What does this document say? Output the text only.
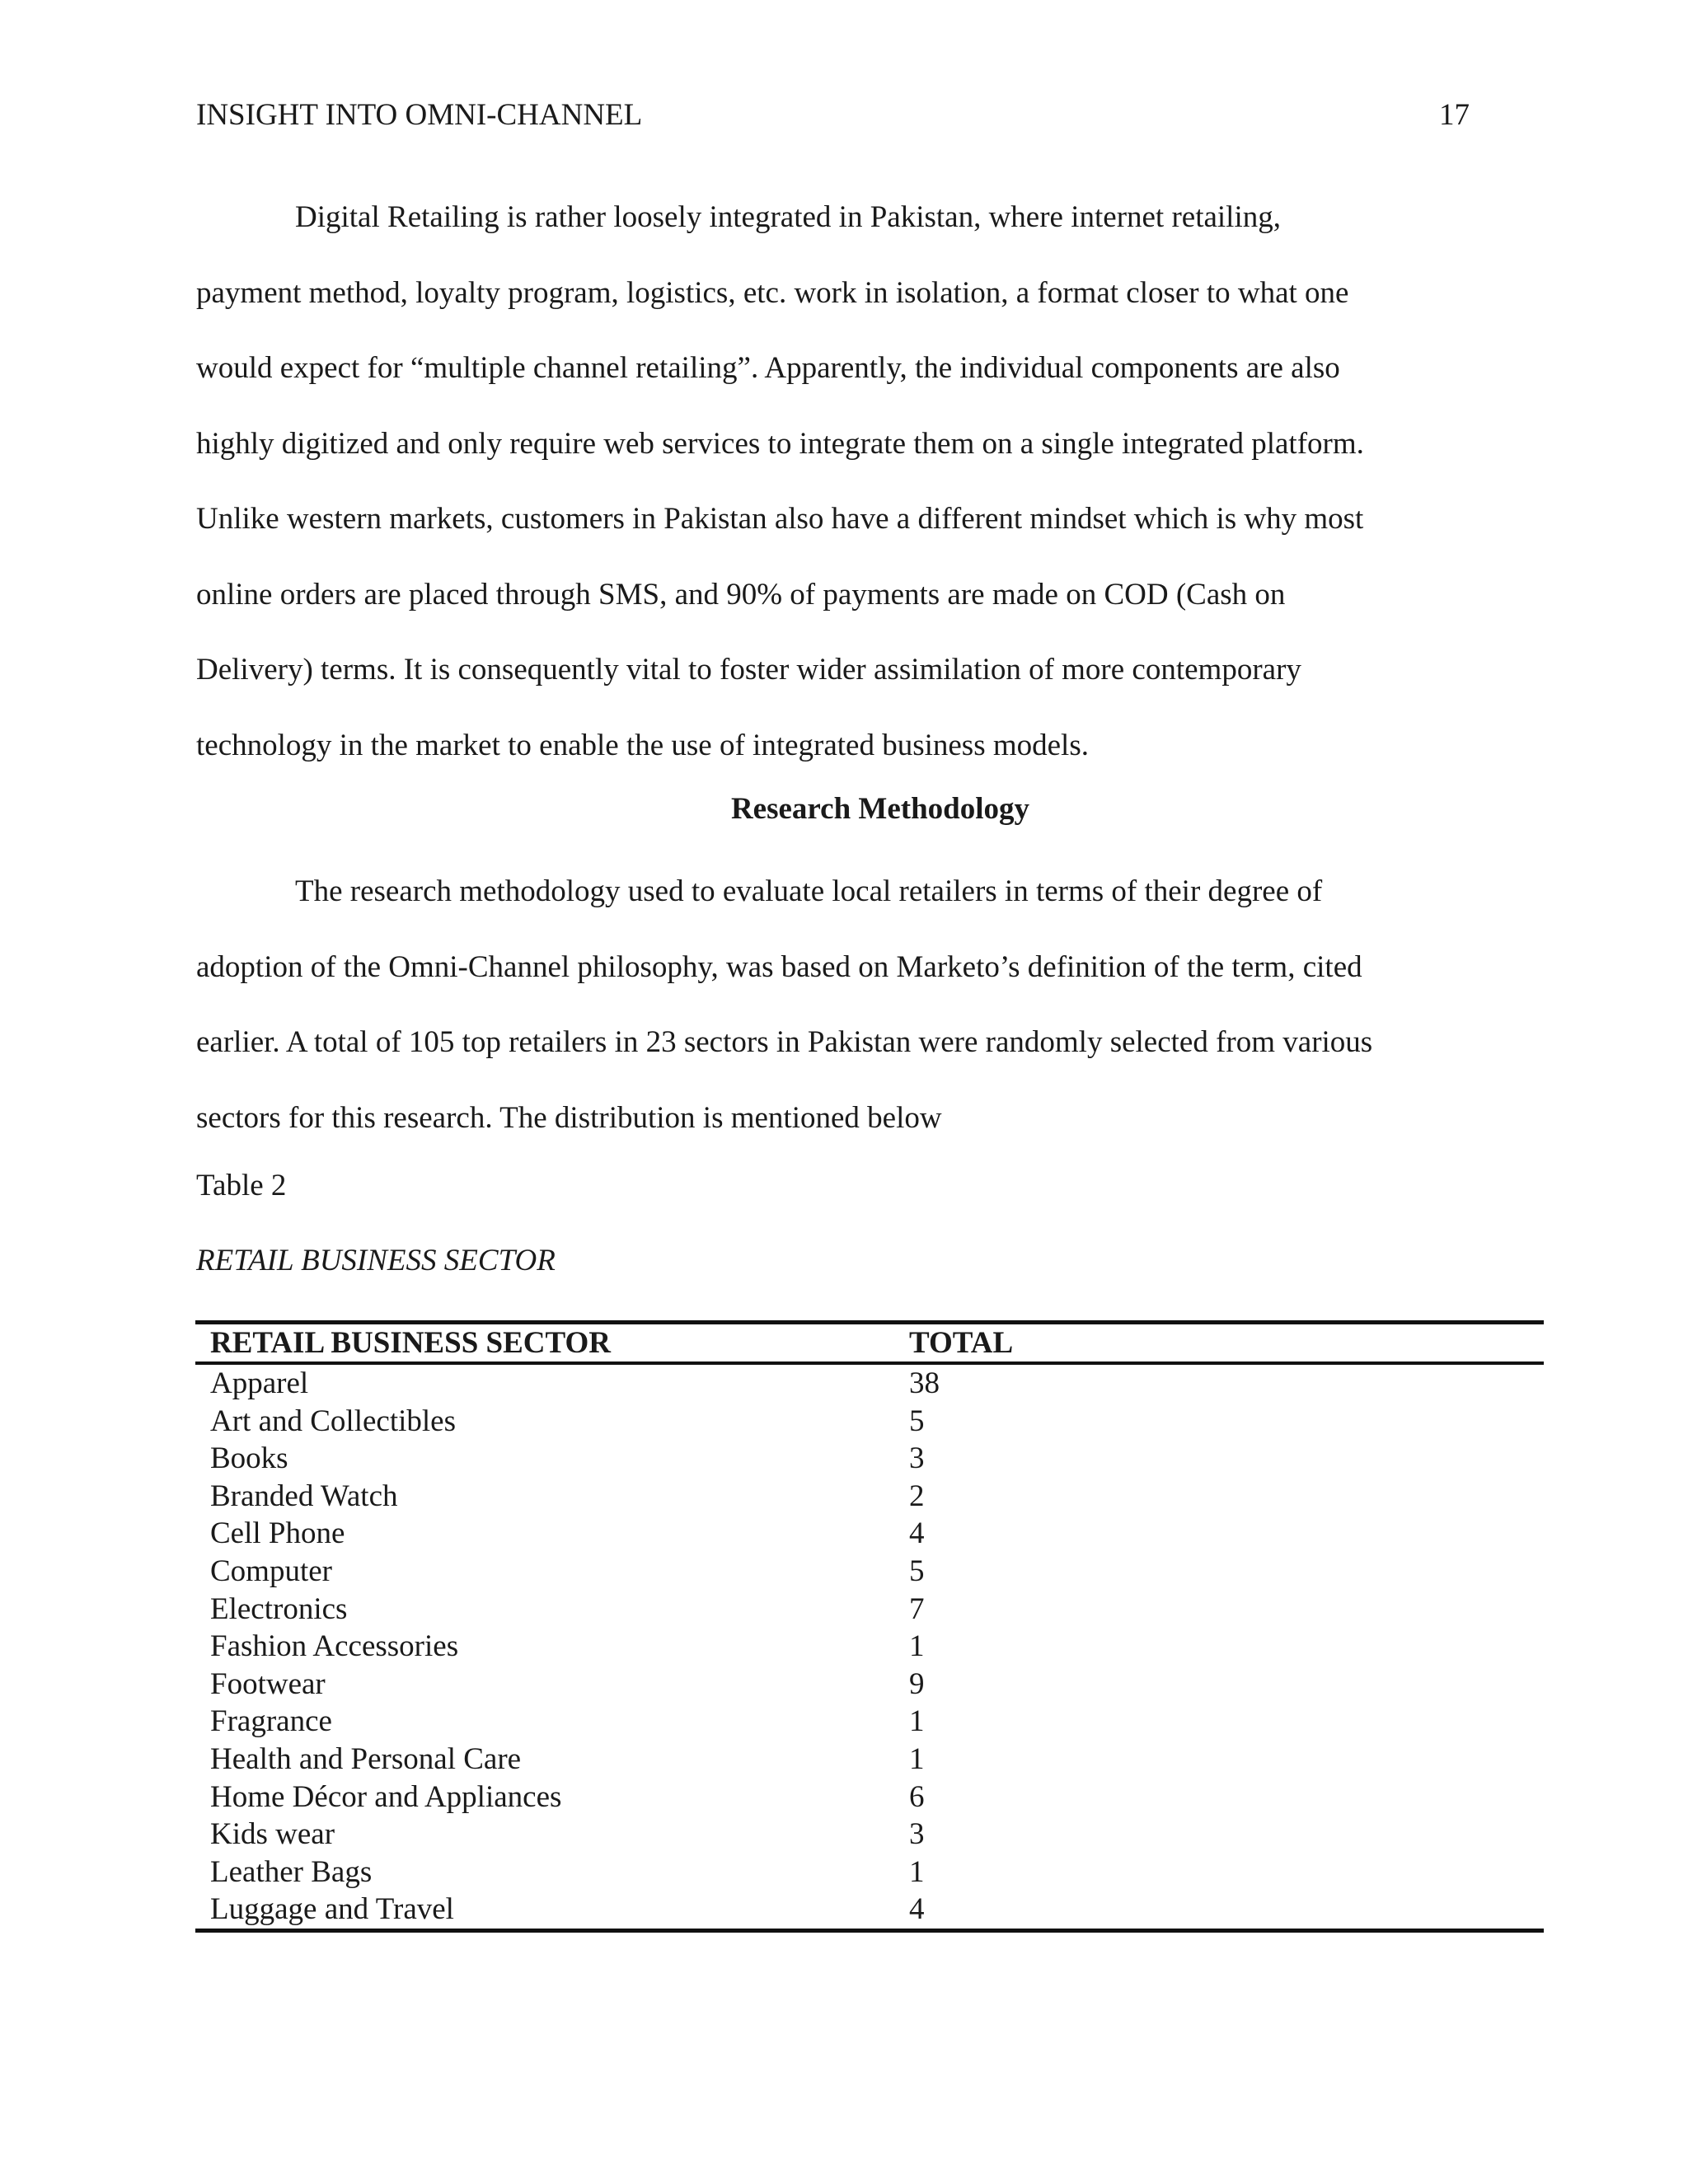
INSIGHT INTO OMNI-CHANNEL	17

Digital Retailing is rather loosely integrated in Pakistan, where internet retailing,
payment method, loyalty program, logistics, etc. work in isolation, a format closer to what one
would expect for “multiple channel retailing”. Apparently, the individual components are also
highly digitized and only require web services to integrate them on a single integrated platform.
Unlike western markets, customers in Pakistan also have a different mindset which is why most
online orders are placed through SMS, and 90% of payments are made on COD (Cash on
Delivery) terms. It is consequently vital to foster wider assimilation of more contemporary
technology in the market to enable the use of integrated business models.

Research Methodology

The research methodology used to evaluate local retailers in terms of their degree of
adoption of the Omni-Channel philosophy, was based on Marketo’s definition of the term, cited
earlier. A total of 105 top retailers in 23 sectors in Pakistan were randomly selected from various
sectors for this research. The distribution is mentioned below

Table 2
RETAIL BUSINESS SECTOR
RETAIL BUSINESS SECTOR	TOTAL
Apparel	38
Art and Collectibles	5
Books	3
Branded Watch	2
Cell Phone	4
Computer	5
Electronics	7
Fashion Accessories	1
Footwear	9
Fragrance	1
Health and Personal Care	1
Home Décor and Appliances	6
Kids wear	3
Leather Bags	1
Luggage and Travel	4
